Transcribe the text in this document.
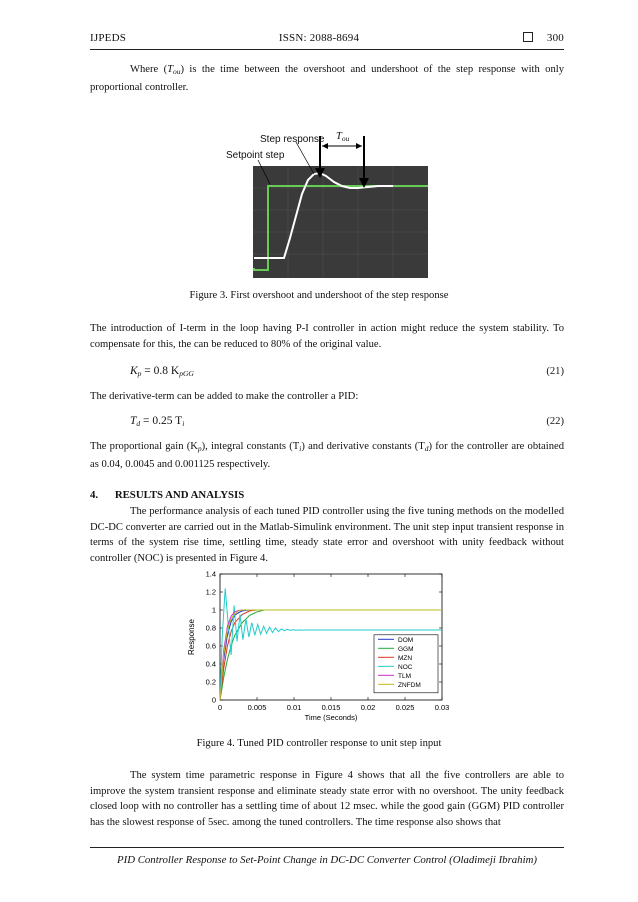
IJPEDS	ISSN: 2088-8694	300
Where $(T_{ou})$ is the time between the overshoot and undershoot of the step response with only proportional controller.
Step response
Setpoint step
$T_{ou}$
Figure 3. First overshoot and undershoot of the step response
The introduction of I-term in the loop having P-I controller in action might reduce the system stability. To compensate for this, the can be reduced to 80% of the original value.
$K_p = 0.8$ $K_{pGG}$	(21)
The derivative-term can be added to make the controller a PID:
$T_d = 0.25$ $T_i$	(22)
The proportional gain $(K_p)$, integral constants $(T_i)$ and derivative constants $(T_d)$ for the controller are obtained as 0.04, 0.0045 and 0.001125 respectively.
4. RESULTS AND ANALYSIS
The performance analysis of each tuned PID controller using the five tuning methods on the modelled DC-DC converter are carried out in the Matlab-Simulink environment. The unit step input transient response in terms of the system rise time, settling time, steady state error and overshoot with unity feedback without controller (NOC) is presented in Figure 4.
0	0.005	0.01	0.015	0.02	0.025	0.03
0
0.2
0.4
0.6
0.8
1
1.2
1.4
Time (Seconds)
Response	DOM
GGM
MZN
NOC
TLM
ZNFDM
Figure 4. Tuned PID controller response to unit step input
The system time parametric response in Figure 4 shows that all the five controllers are able to improve the system transient response and eliminate steady state error with no overshoot. The unity feedback closed loop with no controller has a settling time of about 12 msec. while the good gain (GGM) PID controller has the slowest response of 5sec. among the tuned controllers. The time response also shows that
PID Controller Response to Set-Point Change in DC-DC Converter Control (Oladimeji Ibrahim)
